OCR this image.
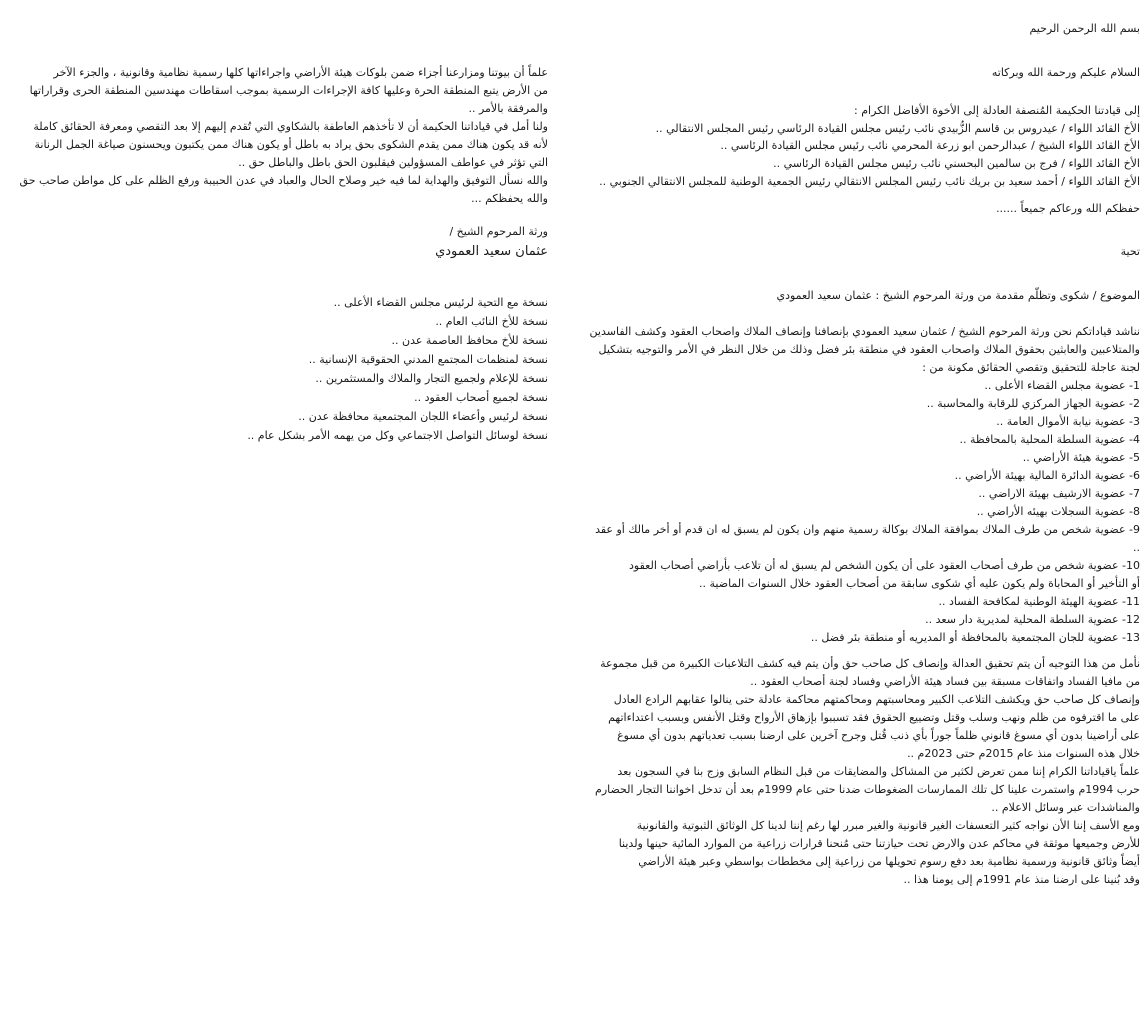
بسم الله الرحمن الرحيم
السلام عليكم ورحمة الله وبركاته
إلى قيادتنا الحكيمة المُنصفة العادلة إلى الأخوة الأفاضل الكرام :
الأخ القائد اللواء / عيدروس بن قاسم الزُّبيدي نائب رئيس مجلس القيادة الرئاسي رئيس المجلس الانتقالي ..
الأخ القائد اللواء الشيخ / عبدالرحمن ابو زرعة المحرمي نائب رئيس مجلس القيادة الرئاسي ..
الأخ القائد اللواء / فرج بن سالمين البحسني نائب رئيس مجلس القيادة الرئاسي ..
الأخ القائد اللواء / أحمد سعيد بن بريك نائب رئيس المجلس الانتقالي رئيس الجمعية الوطنية للمجلس الانتقالي الجنوبي ..
حفظكم الله ورعاكم جميعاً ......
تحية
الموضوع / شكوى وتظلّم مقدمة من ورثة المرحوم الشيخ : عثمان سعيد العمودي
نناشد قياداتكم نحن ورثة المرحوم الشيخ / عثمان سعيد العمودي بإنصافنا وإنصاف الملاك واصحاب العقود وكشف الفاسدين
والمتلاعبين والعابثين بحقوق الملاك واصحاب العقود في منطقة بئر فضل وذلك من خلال النظر في الأمر والتوجيه بتشكيل
لجنة عاجلة للتحقيق وتقصي الحقائق مكونة من :
1- عضوية مجلس القضاء الأعلى ..
2- عضوية الجهاز المركزي للرقابة والمحاسبة ..
3- عضوية نيابة الأموال العامة ..
4- عضوية السلطة المحلية بالمحافظة ..
5- عضوية هيئة الأراضي ..
6- عضوية الدائرة المالية بهيئة الأراضي ..
7- عضوية الارشيف بهيئة الاراضي ..
8- عضوية السجلات بهيئه الأراضي ..
9- عضوية شخص من طرف الملاك بموافقة الملاك بوكالة رسمية منهم وان يكون لم يسبق له ان قدم أو أخر مالك أو عقد
..
10- عضوية شخص من طرف أصحاب العقود على أن يكون الشخص لم يسبق له أن تلاعب بأراضي أصحاب العقود
أو التأخير أو المحاباة ولم يكون عليه أي شكوى سابقة من أصحاب العقود خلال السنوات الماضية ..
11- عضوية الهيئة الوطنية لمكافحة الفساد ..
12- عضوية السلطة المحلية لمديرية دار سعد ..
13- عضوية للجان المجتمعية بالمحافظة أو المديريه أو منطقة بئر فضل ..
نأمل من هذا التوجيه أن يتم تحقيق العدالة وإنصاف كل صاحب حق وأن يتم فيه كشف التلاعبات الكبيرة من قبل مجموعة
من مافيا الفساد واتفاقات مسبقة بين فساد هيئة الأراضي وفساد لجنة أصحاب العقود ..
وإنصاف كل صاحب حق ويكشف التلاعب الكبير ومحاسبتهم ومحاكمتهم محاكمة عادلة حتى ينالوا عقابهم الرادع العادل
على ما اقترفوه من ظلم ونهب وسلب وقتل وتضييع الحقوق فقد تسببوا بإزهاق الأرواح وقتل الأنفس وبسبب اعتداءاتهم
على أراضينا بدون أي مسوغ قانوني ظلماً جوراً بأي ذنب قُتل وجرح آخرين على ارضنا بسبب تعدياتهم بدون أي مسوغ
خلال هذه السنوات منذ عام 2015م حتى 2023م ..
علماً ياقياداتنا الكرام إننا ممن تعرض لكثير من المشاكل والمضايقات من قبل النظام السابق وزج بنا في السجون بعد
حرب 1994م واستمرت علينا كل تلك الممارسات الضغوطات ضدنا حتى عام 1999م بعد أن تدخل اخواننا التجار الحضارم
والمناشدات عبر وسائل الاعلام ..
ومع الأسف إننا الأن نواجه كثير التعسفات الغير قانونية والغير مبرر لها رغم إننا لدينا كل الوثائق الثبوتية والقانونية
للأرض وجميعها موثقة في محاكم عدن والارض تحت حيازتنا حتى مُنحنا قرارات زراعية من الموارد المائية حينها ولدينا
أيضاً وثائق قانونية ورسمية نظامية بعد دفع رسوم تحويلها من زراعية إلى مخططات بواسطي وعبر هيئة الأراضي
وقد بُنينا على ارضنا منذ عام 1991م إلى يومنا هذا ..
علماً أن بيوتنا ومزارعنا أجزاء ضمن بلوكات هيئة الأراضي واجراءاتها كلها رسمية نظامية وقانونية ، والجزء الآخر
من الأرض يتبع المنطقة الحرة وعليها كافة الإجراءات الرسمية بموجب اسقاطات مهندسين المنطقة الحرى وقراراتها
والمرفقة بالأمر ..
ولنا أمل في قياداتنا الحكيمة أن لا تأخذهم العاطفة بالشكاوي التي تُقدم إليهم إلا بعد التقصي ومعرفة الحقائق كاملة
لأنه قد يكون هناك ممن يقدم الشكوى بحق يراد به باطل أو يكون هناك ممن يكتبون ويحسنون صياغة الجمل الرنانة
التي تؤثر في عواطف المسؤولين فيقلبون الحق باطل والباطل حق ..
والله نسأل التوفيق والهداية لما فيه خير وصلاح الحال والعباد في عدن الحبيبة ورفع الظلم على كل مواطن صاحب حق
والله يحفظكم ...
ورثة المرحوم الشيخ /
عثمان سعيد العمودي
نسخة مع التحية لرئيس مجلس القضاء الأعلى ..
نسخة للأخ النائب العام ..
نسخة للأخ محافظ العاصمة عدن ..
نسخة لمنظمات المجتمع المدني الحقوقية الإنسانية ..
نسخة للإعلام ولجميع التجار والملاك والمستثمرين ..
نسخة لجميع أصحاب العقود ..
نسخة لرئيس وأعضاء اللجان المجتمعية محافظة عدن ..
نسخة لوسائل التواصل الاجتماعي وكل من يهمه الأمر بشكل عام ..
